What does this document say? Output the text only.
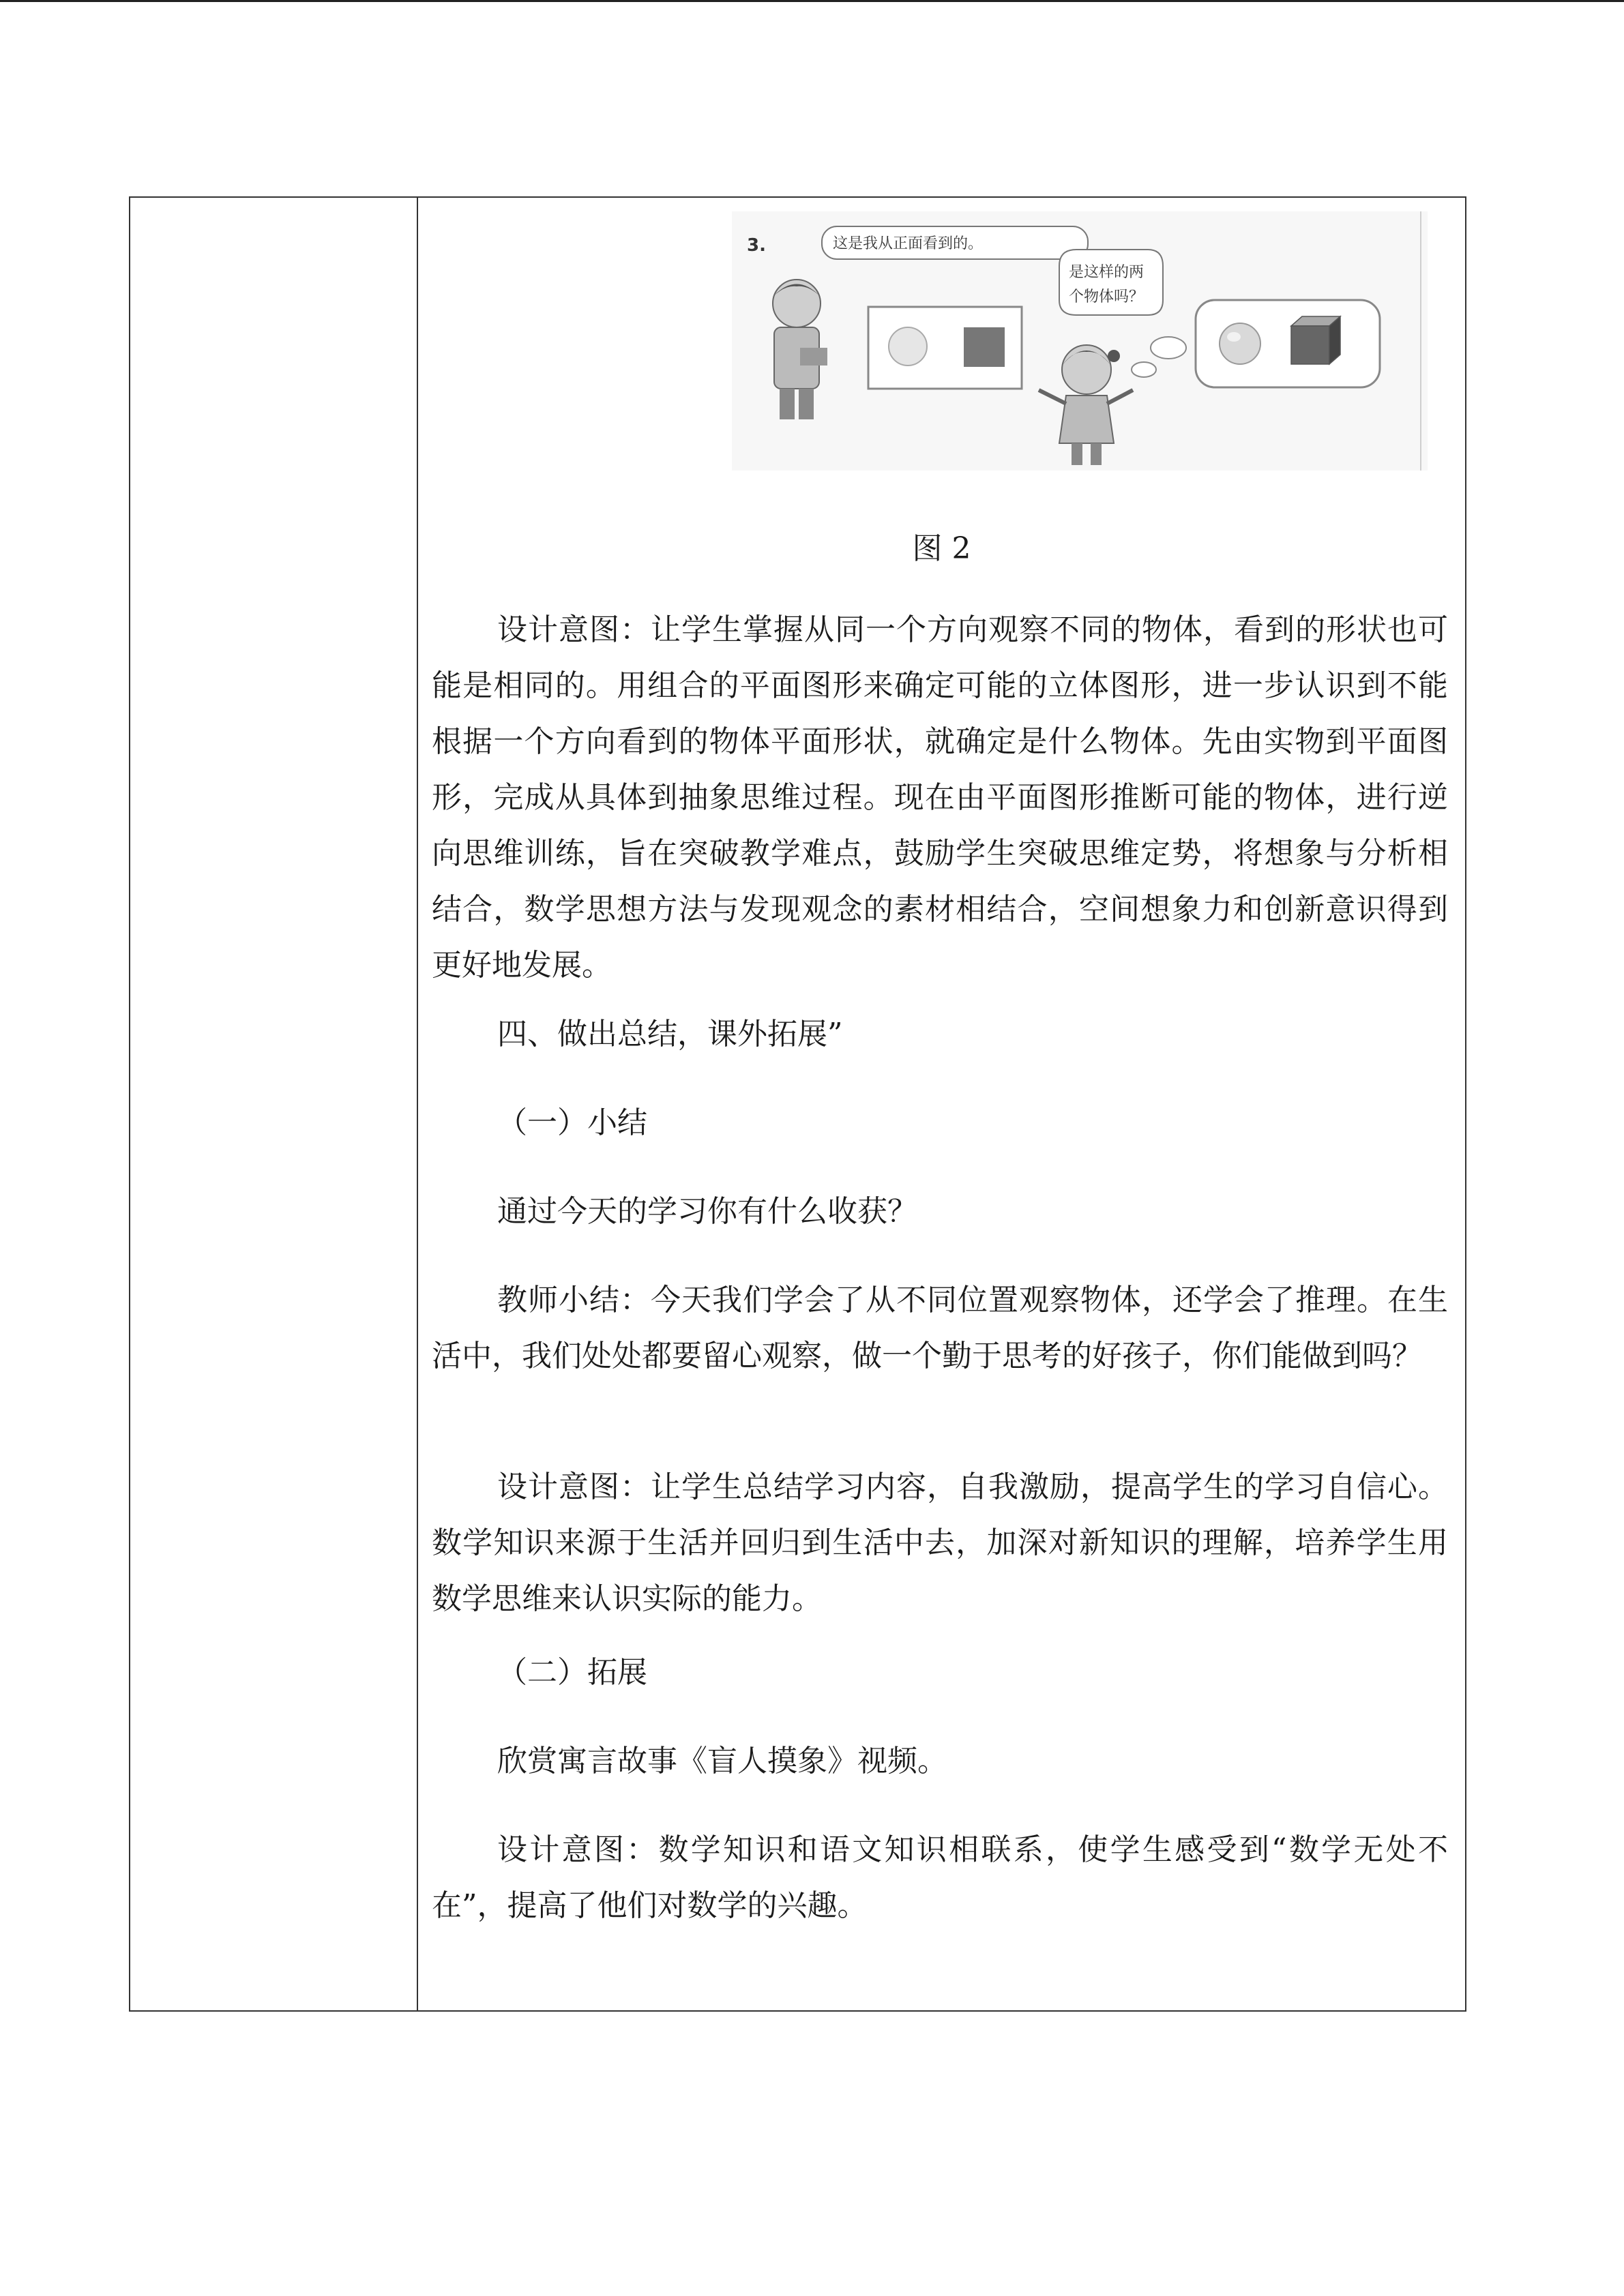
3.	这是我从正面看到的。
是这样的两
个物体吗？
图 2

设计意图：让学生掌握从同一个方向观察不同的物体，看到的形状也可能是相同的。用组合的平面图形来确定可能的立体图形，进一步认识到不能根据一个方向看到的物体平面形状，就确定是什么物体。先由实物到平面图形，完成从具体到抽象思维过程。现在由平面图形推断可能的物体，进行逆向思维训练，旨在突破教学难点，鼓励学生突破思维定势，将想象与分析相结合，数学思想方法与发现观念的素材相结合，空间想象力和创新意识得到更好地发展。

四、做出总结，课外拓展”

（一）小结

通过今天的学习你有什么收获？

教师小结：今天我们学会了从不同位置观察物体，还学会了推理。在生活中，我们处处都要留心观察，做一个勤于思考的好孩子，你们能做到吗？

设计意图：让学生总结学习内容，自我激励，提高学生的学习自信心。数学知识来源于生活并回归到生活中去，加深对新知识的理解，培养学生用数学思维来认识实际的能力。

（二）拓展

欣赏寓言故事《盲人摸象》视频。

设计意图：数学知识和语文知识相联系，使学生感受到“数学无处不在”，提高了他们对数学的兴趣。
